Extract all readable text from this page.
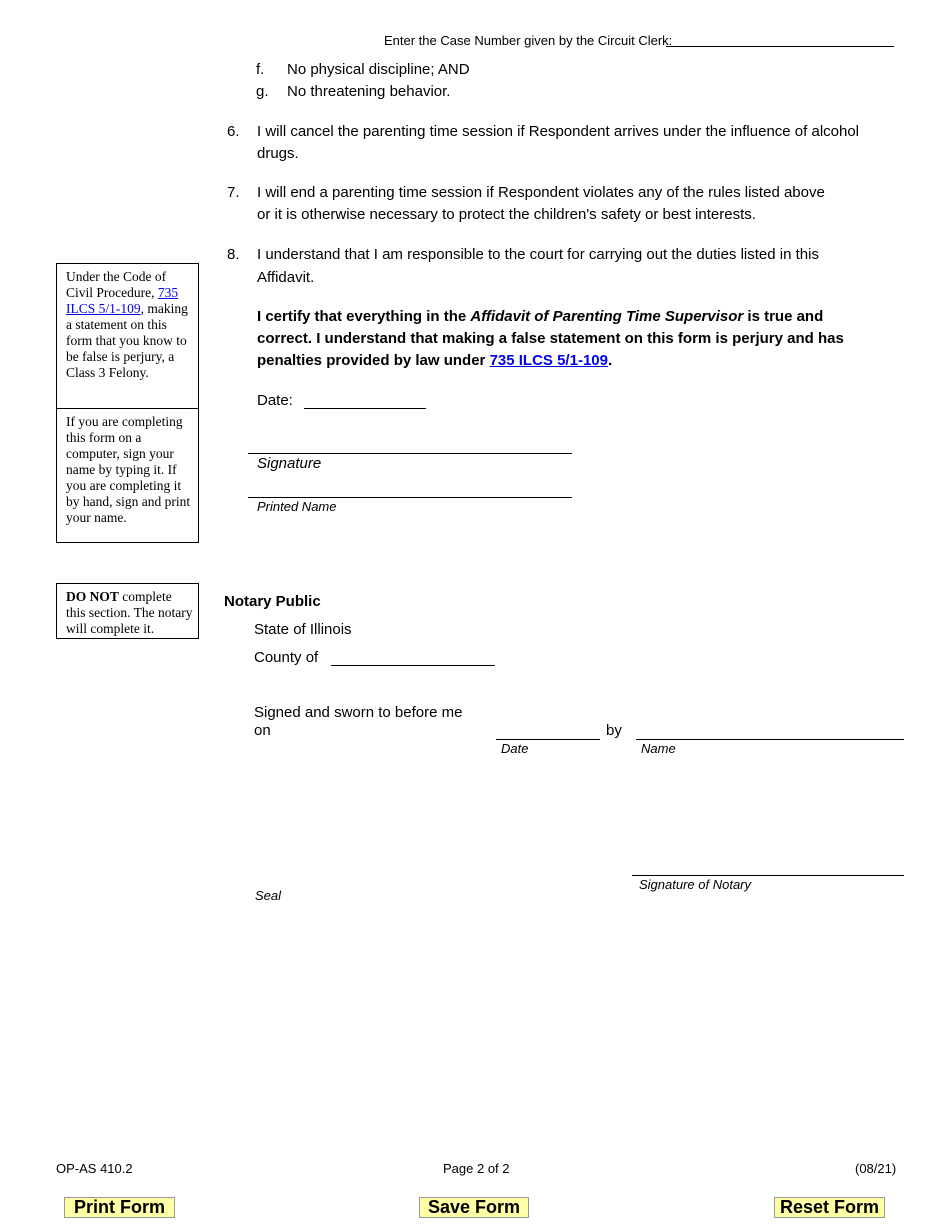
Enter the Case Number given by the Circuit Clerk:
f. No physical discipline; AND
g. No threatening behavior.
6. I will cancel the parenting time session if Respondent arrives under the influence of alcohol
drugs.
7. I will end a parenting time session if Respondent violates any of the rules listed above
or it is otherwise necessary to protect the children's safety or best interests.
8. I understand that I am responsible to the court for carrying out the duties listed in this
Affidavit.
I certify that everything in the Affidavit of Parenting Time Supervisor is true and correct. I understand that making a false statement on this form is perjury and has penalties provided by law under 735 ILCS 5/1-109.
Date:
Signature
Printed Name
Under the Code of Civil Procedure, 735 ILCS 5/1-109, making a statement on this form that you know to be false is perjury, a Class 3 Felony.
If you are completing this form on a computer, sign your name by typing it. If you are completing it by hand, sign and print your name.
DO NOT complete this section. The notary will complete it.
Notary Public
State of Illinois
County of
Signed and sworn to before me
on	by
Date	Name
Signature of Notary
Seal
OP-AS 410.2	Page 2 of 2	(08/21)
Print Form	Save Form	Reset Form
